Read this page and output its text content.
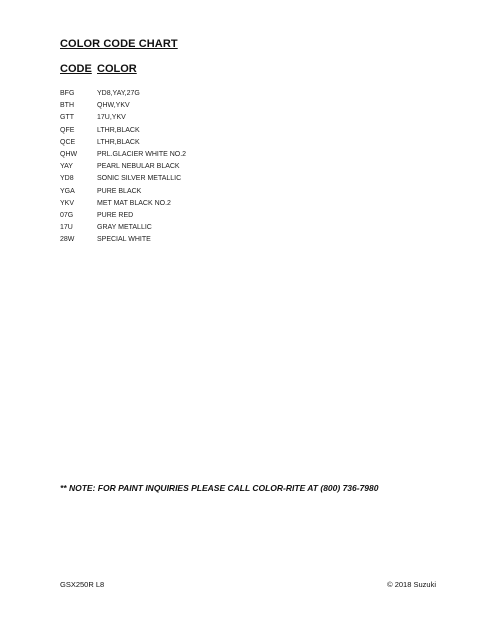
COLOR CODE CHART
CODE COLOR
BFG	YD8,YAY,27G
BTH	QHW,YKV
GTT	17U,YKV
QFE	LTHR,BLACK
QCE	LTHR,BLACK
QHW	PRL.GLACIER WHITE NO.2
YAY	PEARL NEBULAR BLACK
YD8	SONIC SILVER METALLIC
YGA	PURE BLACK
YKV	MET MAT BLACK NO.2
07G	PURE RED
17U	GRAY METALLIC
28W	SPECIAL WHITE
** NOTE: FOR PAINT INQUIRIES PLEASE CALL COLOR-RITE AT (800) 736-7980
GSX250R L8	© 2018 Suzuki
